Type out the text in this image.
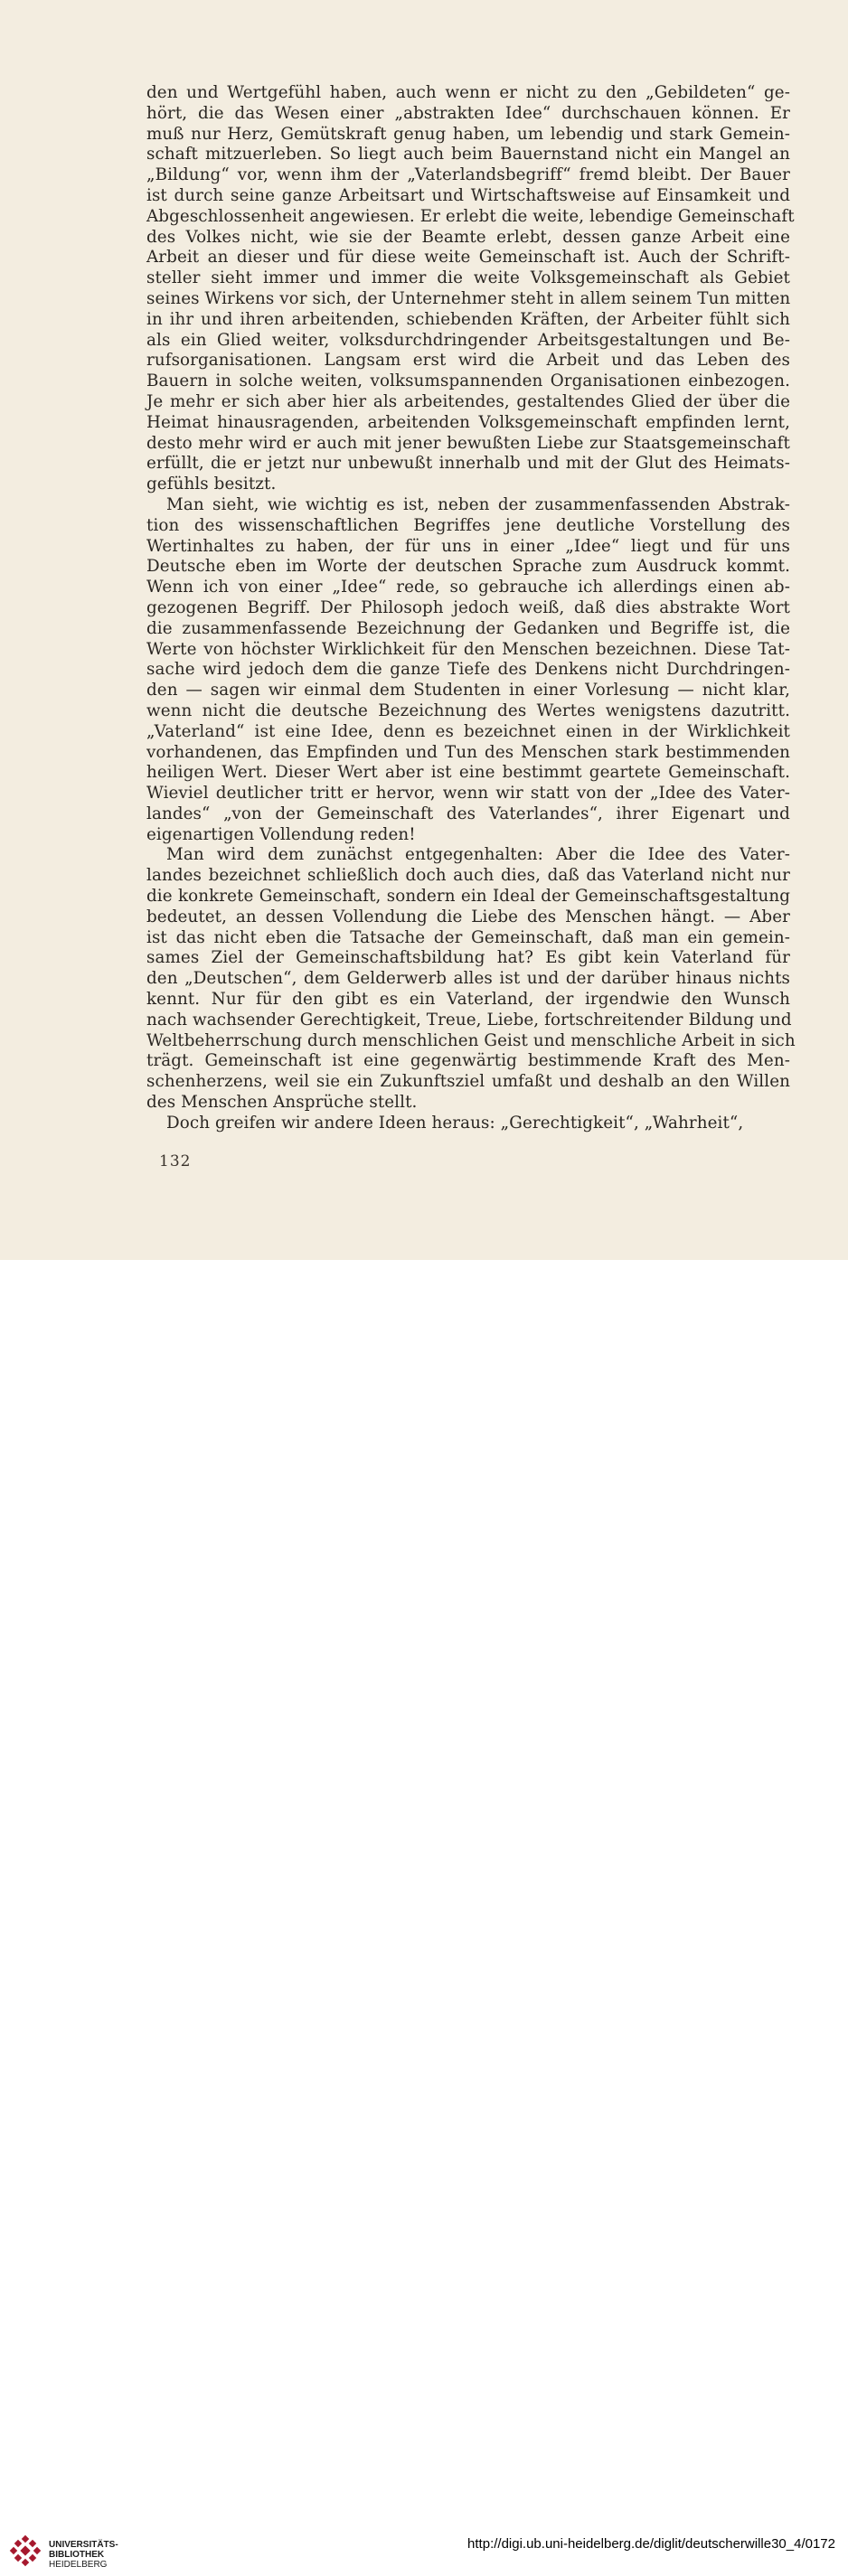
den und Wertgefühl haben, auch wenn er nicht zu den „Gebildeten“ ge-
hört, die das Wesen einer „abstrakten Idee“ durchschauen können. Er
muß nur Herz, Gemütskraft genug haben, um lebendig und stark Gemein-
schaft mitzuerleben. So liegt auch beim Bauernstand nicht ein Mangel an
„Bildung“ vor, wenn ihm der „Vaterlandsbegriff“ fremd bleibt. Der Bauer
ist durch seine ganze Arbeitsart und Wirtschaftsweise auf Einsamkeit und
Abgeschlossenheit angewiesen. Er erlebt die weite, lebendige Gemeinschaft
des Volkes nicht, wie sie der Beamte erlebt, dessen ganze Arbeit eine
Arbeit an dieser und für diese weite Gemeinschaft ist. Auch der Schrift-
steller sieht immer und immer die weite Volksgemeinschaft als Gebiet
seines Wirkens vor sich, der Unternehmer steht in allem seinem Tun mitten
in ihr und ihren arbeitenden, schiebenden Kräften, der Arbeiter fühlt sich
als ein Glied weiter, volksdurchdringender Arbeitsgestaltungen und Be-
rufsorganisationen. Langsam erst wird die Arbeit und das Leben des
Bauern in solche weiten, volksumspannenden Organisationen einbezogen.
Je mehr er sich aber hier als arbeitendes, gestaltendes Glied der über die
Heimat hinausragenden, arbeitenden Volksgemeinschaft empfinden lernt,
desto mehr wird er auch mit jener bewußten Liebe zur Staatsgemeinschaft
erfüllt, die er jetzt nur unbewußt innerhalb und mit der Glut des Heimats-
gefühls besitzt.
Man sieht, wie wichtig es ist, neben der zusammenfassenden Abstrak-
tion des wissenschaftlichen Begriffes jene deutliche Vorstellung des
Wertinhaltes zu haben, der für uns in einer „Idee“ liegt und für uns
Deutsche eben im Worte der deutschen Sprache zum Ausdruck kommt.
Wenn ich von einer „Idee“ rede, so gebrauche ich allerdings einen ab-
gezogenen Begriff. Der Philosoph jedoch weiß, daß dies abstrakte Wort
die zusammenfassende Bezeichnung der Gedanken und Begriffe ist, die
Werte von höchster Wirklichkeit für den Menschen bezeichnen. Diese Tat-
sache wird jedoch dem die ganze Tiefe des Denkens nicht Durchdringen-
den — sagen wir einmal dem Studenten in einer Vorlesung — nicht klar,
wenn nicht die deutsche Bezeichnung des Wertes wenigstens dazutritt.
„Vaterland“ ist eine Idee, denn es bezeichnet einen in der Wirklichkeit
vorhandenen, das Empfinden und Tun des Menschen stark bestimmenden
heiligen Wert. Dieser Wert aber ist eine bestimmt geartete Gemeinschaft.
Wieviel deutlicher tritt er hervor, wenn wir statt von der „Idee des Vater-
landes“ „von der Gemeinschaft des Vaterlandes“, ihrer Eigenart und
eigenartigen Vollendung reden!
Man wird dem zunächst entgegenhalten: Aber die Idee des Vater-
landes bezeichnet schließlich doch auch dies, daß das Vaterland nicht nur
die konkrete Gemeinschaft, sondern ein Ideal der Gemeinschaftsgestaltung
bedeutet, an dessen Vollendung die Liebe des Menschen hängt. — Aber
ist das nicht eben die Tatsache der Gemeinschaft, daß man ein gemein-
sames Ziel der Gemeinschaftsbildung hat? Es gibt kein Vaterland für
den „Deutschen“, dem Gelderwerb alles ist und der darüber hinaus nichts
kennt. Nur für den gibt es ein Vaterland, der irgendwie den Wunsch
nach wachsender Gerechtigkeit, Treue, Liebe, fortschreitender Bildung und
Weltbeherrschung durch menschlichen Geist und menschliche Arbeit in sich
trägt. Gemeinschaft ist eine gegenwärtig bestimmende Kraft des Men-
schenherzens, weil sie ein Zukunftsziel umfaßt und deshalb an den Willen
des Menschen Ansprüche stellt.
Doch greifen wir andere Ideen heraus: „Gerechtigkeit“, „Wahrheit“,
132
UNIVERSITÄTS-
BIBLIOTHEK
HEIDELBERG
http://digi.ub.uni-heidelberg.de/diglit/deutscherwille30_4/0172
